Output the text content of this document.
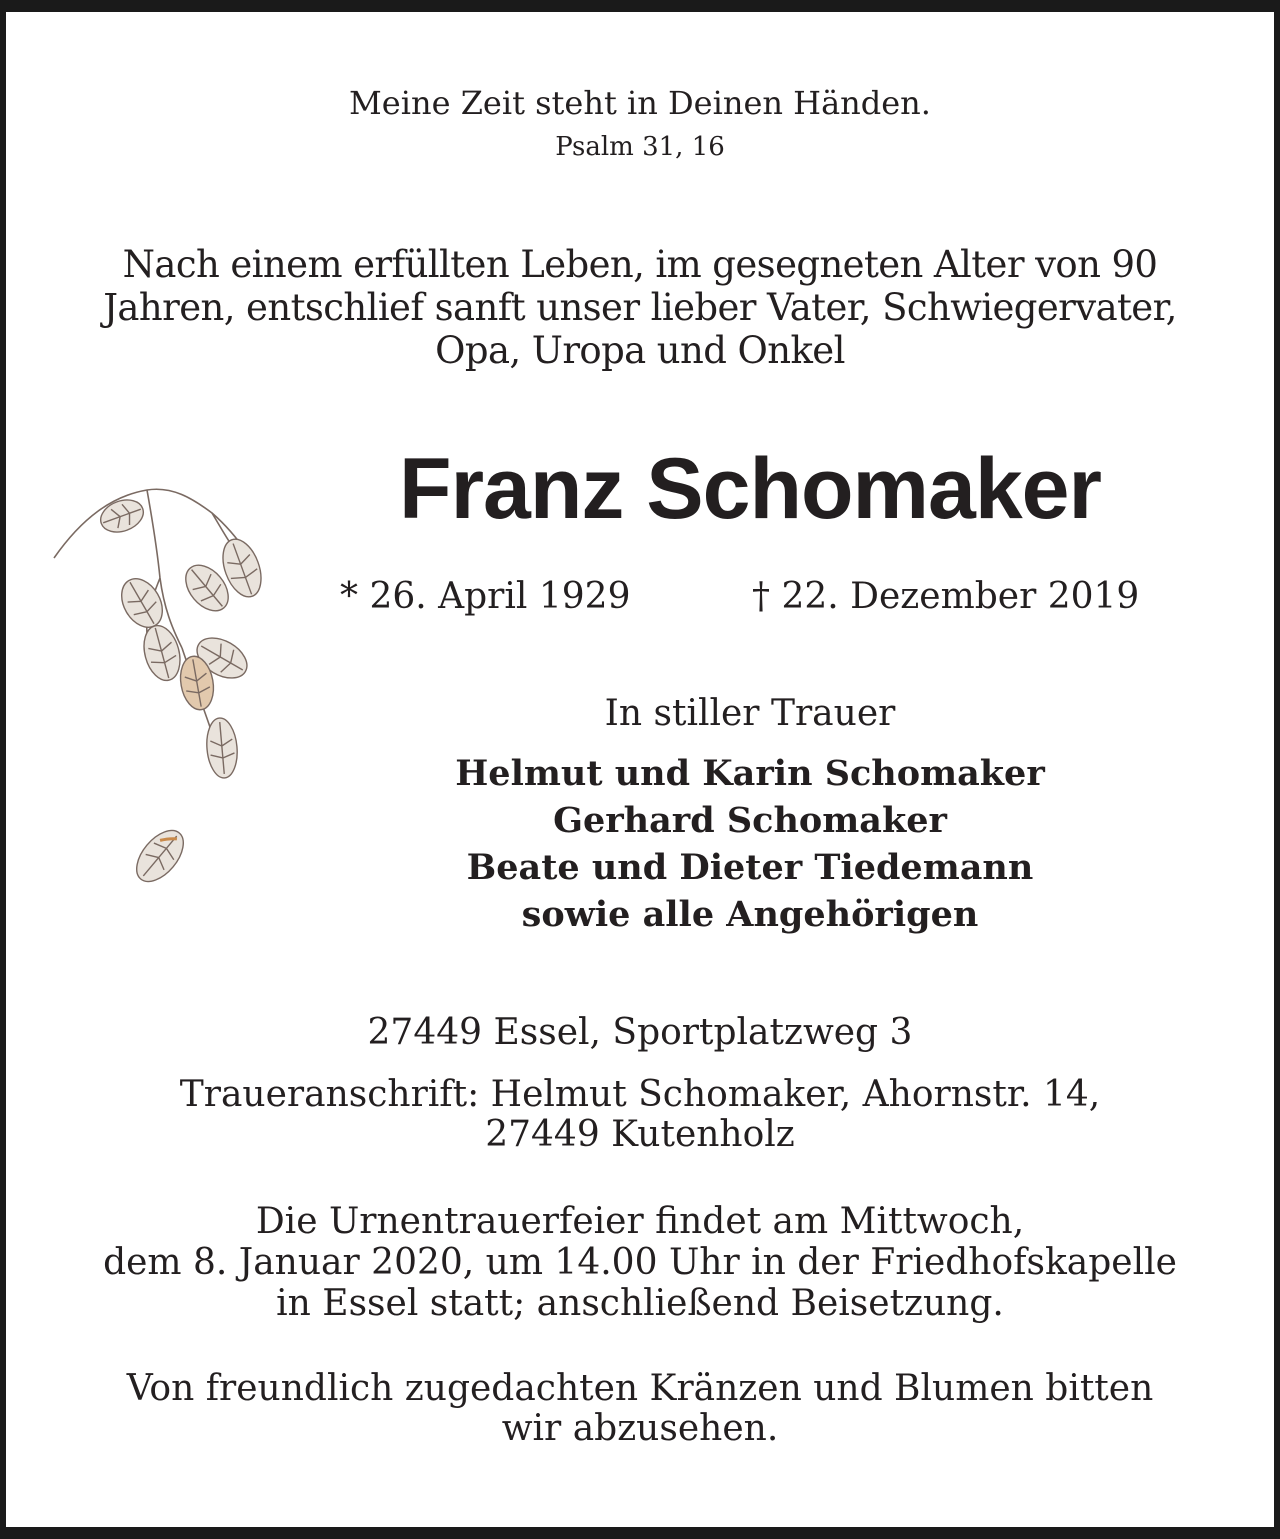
Meine Zeit steht in Deinen Händen.
Psalm 31, 16
Nach einem erfüllten Leben, im gesegneten Alter von 90
Jahren, entschlief sanft unser lieber Vater, Schwiegervater,
Opa, Uropa und Onkel
Franz Schomaker
* 26. April 1929	† 22. Dezember 2019
In stiller Trauer
Helmut und Karin Schomaker
Gerhard Schomaker
Beate und Dieter Tiedemann
sowie alle Angehörigen
27449 Essel, Sportplatzweg 3
Traueranschrift: Helmut Schomaker, Ahornstr. 14,
27449 Kutenholz
Die Urnentrauerfeier findet am Mittwoch,
dem 8. Januar 2020, um 14.00 Uhr in der Friedhofskapelle
in Essel statt; anschließend Beisetzung.
Von freundlich zugedachten Kränzen und Blumen bitten
wir abzusehen.
